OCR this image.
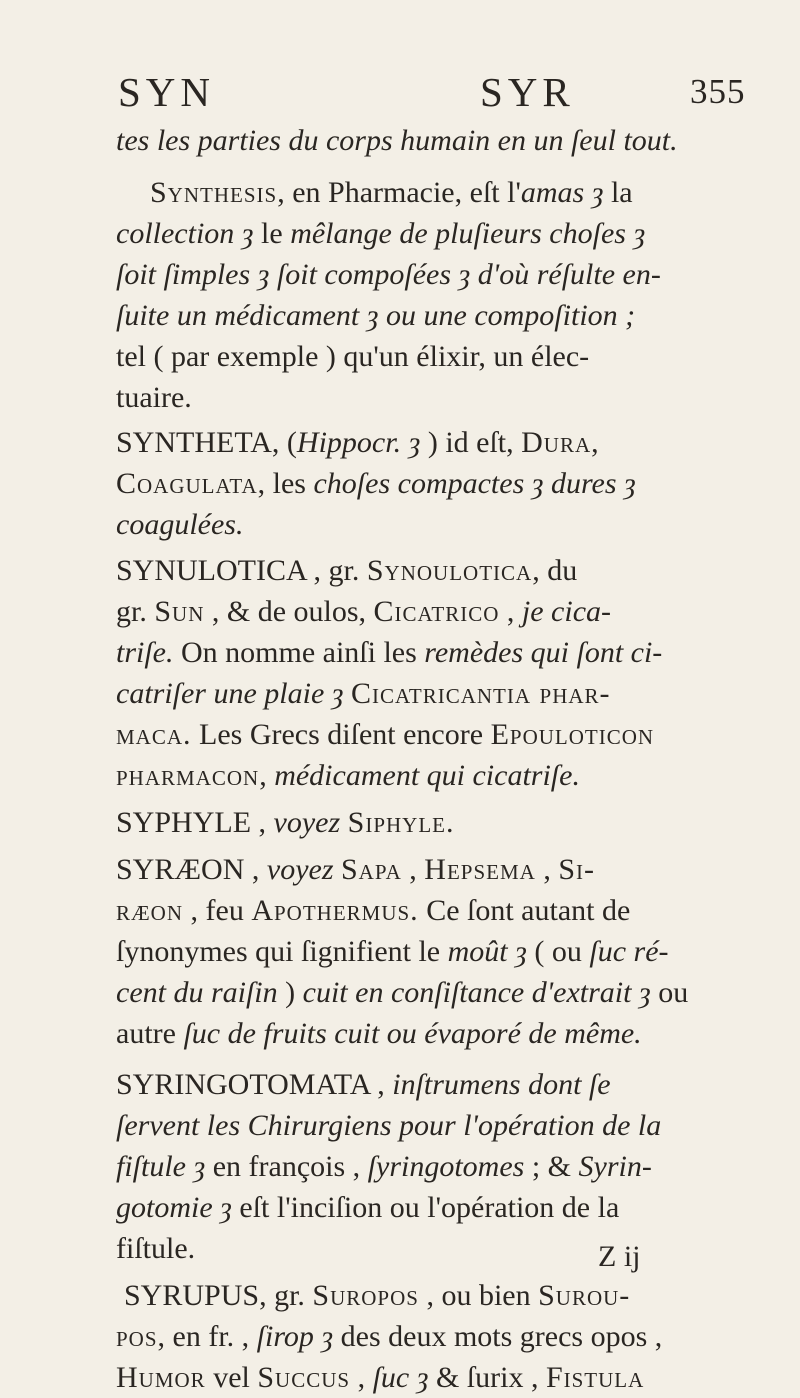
SYN	SYR	355
tes les parties du corps humain en un ſeul tout.
Synthesis, en Pharmacie, eſt l'amas ȝ la
collection ȝ le mêlange de pluſieurs choſes ȝ
ſoit ſimples ȝ ſoit compoſées ȝ d'où réſulte en-
ſuite un médicament ȝ ou une compoſition ;
tel ( par exemple ) qu'un élixir, un élec-
tuaire.
SYNTHETA, (Hippocr. ȝ ) id eſt, Dura,
Coagulata, les choſes compactes ȝ dures ȝ
coagulées.
SYNULOTICA , gr. Synoulotica, du
gr. Sun , & de oulos, Cicatrico , je cica-
triſe. On nomme ainſi les remèdes qui ſont ci-
catriſer une plaie ȝ Cicatricantia phar-
maca. Les Grecs diſent encore Epouloticon
pharmacon, médicament qui cicatriſe.
SYPHYLE , voyez Siphyle.
SYRÆON , voyez Sapa , Hepsema , Si-
ræon , feu Apothermus. Ce ſont autant de
ſynonymes qui ſignifient le moût ȝ ( ou ſuc ré-
cent du raiſin ) cuit en conſiſtance d'extrait ȝ ou
autre ſuc de fruits cuit ou évaporé de même.
SYRINGOTOMATA , inſtrumens dont ſe
ſervent les Chirurgiens pour l'opération de la
fiſtule ȝ en françois , ſyringotomes ; & Syrin-
gotomie ȝ eſt l'inciſion ou l'opération de la
fiſtule.
SYRUPUS, gr. Suropos , ou bien Surou-
pos, en fr. , ſirop ȝ des deux mots grecs opos ,
Humor vel Succus , ſuc ȝ & ſurix , Fistula
Z ij
